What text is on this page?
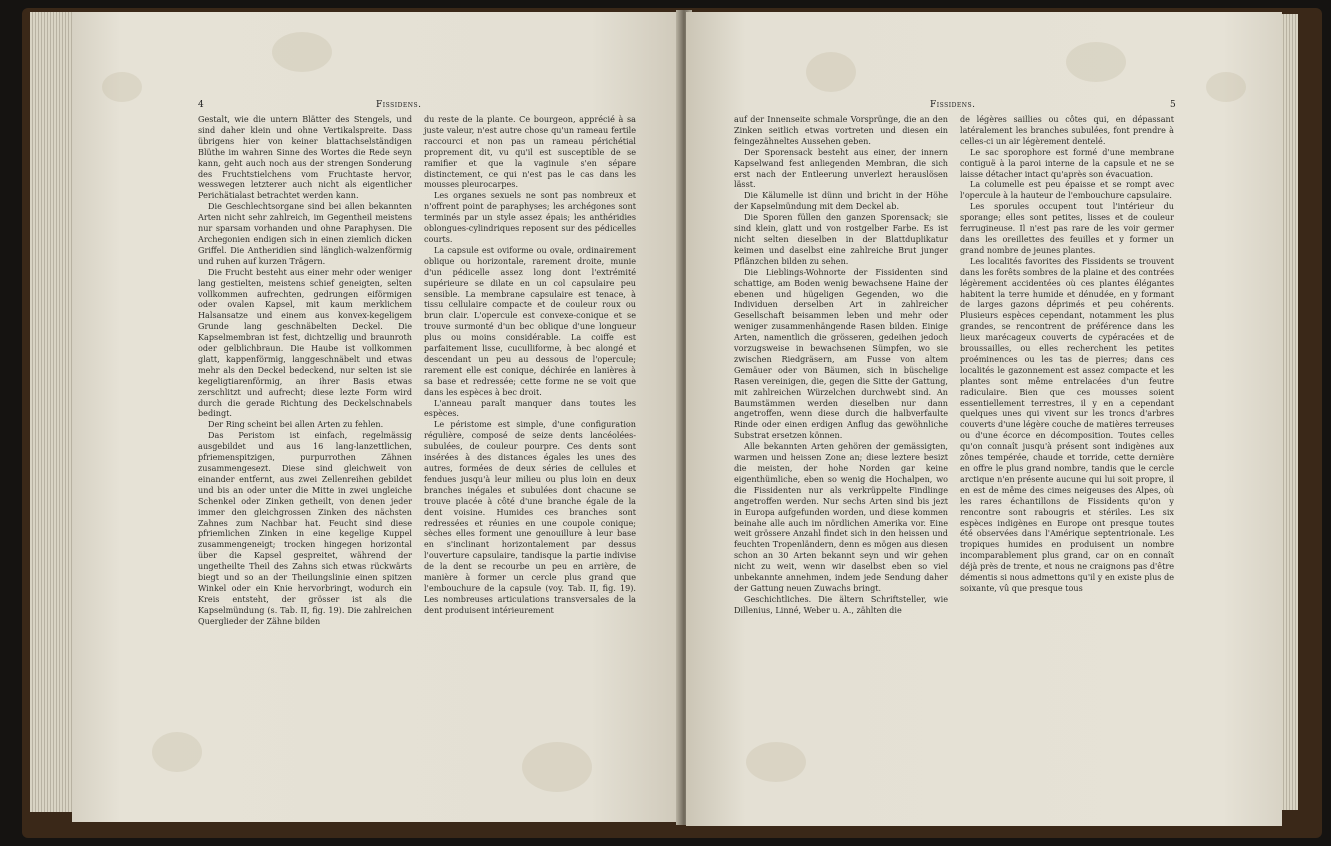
4	Fissidens.

Gestalt, wie die untern Blätter des Stengels, und sind daher klein und ohne Vertikalspreite. Dass übrigens hier von keiner blattachselständigen Blüthe im wahren Sinne des Wortes die Rede seyn kann, geht auch noch aus der strengen Sonderung des Fruchtstielchens vom Fruchtaste hervor, wesswegen letzterer auch nicht als eigentlicher Perichätialast betrachtet werden kann.

Die Geschlechtsorgane sind bei allen bekannten Arten nicht sehr zahlreich, im Gegentheil meistens nur sparsam vorhanden und ohne Paraphysen. Die Archegonien endigen sich in einen ziemlich dicken Griffel. Die Antheridien sind länglich-walzenförmig und ruhen auf kurzen Trägern.

Die Frucht besteht aus einer mehr oder weniger lang gestielten, meistens schief geneigten, selten vollkommen aufrechten, gedrungen eiförmigen oder ovalen Kapsel, mit kaum merklichem Halsansatze und einem aus konvex-kegeligem Grunde lang geschnäbelten Deckel. Die Kapselmembran ist fest, dichtzellig und braunroth oder gelblichbraun. Die Haube ist vollkommen glatt, kappenförmig, langgeschnäbelt und etwas mehr als den Deckel bedeckend, nur selten ist sie kegeligtiarenförmig, an ihrer Basis etwas zerschlitzt und aufrecht; diese lezte Form wird durch die gerade Richtung des Deckelschnabels bedingt.

Der Ring scheint bei allen Arten zu fehlen.

Das Peristom ist einfach, regelmässig ausgebildet und aus 16 lang-lanzettlichen, pfriemenspitzigen, purpurrothen Zähnen zusammengesezt. Diese sind gleichweit von einander entfernt, aus zwei Zellenreihen gebildet und bis an oder unter die Mitte in zwei ungleiche Schenkel oder Zinken getheilt, von denen jeder immer den gleichgrossen Zinken des nächsten Zahnes zum Nachbar hat. Feucht sind diese pfriemlichen Zinken in eine kegelige Kuppel zusammengeneigt; trocken hingegen horizontal über die Kapsel gespreitet, während der ungetheilte Theil des Zahns sich etwas rückwärts biegt und so an der Theilungslinie einen spitzen Winkel oder ein Knie hervorbringt, wodurch ein Kreis entsteht, der grösser ist als die Kapselmündung (s. Tab. II, fig. 19). Die zahlreichen Querglieder der Zähne bilden

du reste de la plante. Ce bourgeon, apprécié à sa juste valeur, n'est autre chose qu'un rameau fertile raccourci et non pas un rameau périchétial proprement dit, vu qu'il est susceptible de se ramifier et que la vaginule s'en sépare distinctement, ce qui n'est pas le cas dans les mousses pleurocarpes.

Les organes sexuels ne sont pas nombreux et n'offrent point de paraphyses; les archégones sont terminés par un style assez épais; les anthéridies oblongues-cylindriques reposent sur des pédicelles courts.

La capsule est oviforme ou ovale, ordinairement oblique ou horizontale, rarement droite, munie d'un pédicelle assez long dont l'extrémité supérieure se dilate en un col capsulaire peu sensible. La membrane capsulaire est tenace, à tissu cellulaire compacte et de couleur roux ou brun clair. L'opercule est convexe-conique et se trouve surmonté d'un bec oblique d'une longueur plus ou moins considérable. La coiffe est parfaitement lisse, cuculliforme, à bec alongé et descendant un peu au dessous de l'opercule; rarement elle est conique, déchirée en lanières à sa base et redressée; cette forme ne se voit que dans les espèces à bec droit.

L'anneau paraît manquer dans toutes les espèces.

Le péristome est simple, d'une configuration régulière, composé de seize dents lancéolées-subulées, de couleur pourpre. Ces dents sont insérées à des distances égales les unes des autres, formées de deux séries de cellules et fendues jusqu'à leur milieu ou plus loin en deux branches inégales et subulées dont chacune se trouve placée à côté d'une branche égale de la dent voisine. Humides ces branches sont redressées et réunies en une coupole conique; sèches elles forment une genouillure à leur base en s'inclinant horizontalement par dessus l'ouverture capsulaire, tandisque la partie indivise de la dent se recourbe un peu en arrière, de manière à former un cercle plus grand que l'embouchure de la capsule (voy. Tab. II, fig. 19). Les nombreuses articulations transversales de la dent produisent intérieurement

Fissidens.	5

auf der Innenseite schmale Vorsprünge, die an den Zinken seitlich etwas vortreten und diesen ein feingezähneltes Aussehen geben.

Der Sporensack besteht aus einer, der innern Kapselwand fest anliegenden Membran, die sich erst nach der Entleerung unverlezt herauslösen lässt.

Die Kälumelle ist dünn und bricht in der Höhe der Kapselmündung mit dem Deckel ab.

Die Sporen füllen den ganzen Sporensack; sie sind klein, glatt und von rostgelber Farbe. Es ist nicht selten dieselben in der Blattduplikatur keimen und daselbst eine zahlreiche Brut junger Pflänzchen bilden zu sehen.

Die Lieblings-Wohnorte der Fissidenten sind schattige, am Boden wenig bewachsene Haine der ebenen und hügeligen Gegenden, wo die Individuen derselben Art in zahlreicher Gesellschaft beisammen leben und mehr oder weniger zusammenhängende Rasen bilden. Einige Arten, namentlich die grösseren, gedeihen jedoch vorzugsweise in bewachsenen Sümpfen, wo sie zwischen Riedgräsern, am Fusse von altem Gemäuer oder von Bäumen, sich in büschelige Rasen vereinigen, die, gegen die Sitte der Gattung, mit zahlreichen Würzelchen durchwebt sind. An Baumstämmen werden dieselben nur dann angetroffen, wenn diese durch die halbverfaulte Rinde oder einen erdigen Anflug das gewöhnliche Substrat ersetzen können.

Alle bekannten Arten gehören der gemässigten, warmen und heissen Zone an; diese leztere besizt die meisten, der hohe Norden gar keine eigenthümliche, eben so wenig die Hochalpen, wo die Fissidenten nur als verkrüppelte Findlinge angetroffen werden. Nur sechs Arten sind bis jezt in Europa aufgefunden worden, und diese kommen beinahe alle auch im nördlichen Amerika vor. Eine weit grössere Anzahl findet sich in den heissen und feuchten Tropenländern, denn es mögen aus diesen schon an 30 Arten bekannt seyn und wir gehen nicht zu weit, wenn wir daselbst eben so viel unbekannte annehmen, indem jede Sendung daher der Gattung neuen Zuwachs bringt.

Geschichtliches. Die ältern Schriftsteller, wie Dillenius, Linné, Weber u. A., zählten die

de légères saillies ou côtes qui, en dépassant latéralement les branches subulées, font prendre à celles-ci un air légèrement dentelé.

Le sac sporophore est formé d'une membrane contiguë à la paroi interne de la capsule et ne se laisse détacher intact qu'après son évacuation.

La columelle est peu épaisse et se rompt avec l'opercule à la hauteur de l'embouchure capsulaire.

Les sporules occupent tout l'intérieur du sporange; elles sont petites, lisses et de couleur ferrugineuse. Il n'est pas rare de les voir germer dans les oreillettes des feuilles et y former un grand nombre de jeunes plantes.

Les localités favorites des Fissidents se trouvent dans les forêts sombres de la plaine et des contrées légèrement accidentées où ces plantes élégantes habitent la terre humide et dénudée, en y formant de larges gazons déprimés et peu cohérents. Plusieurs espèces cependant, notamment les plus grandes, se rencontrent de préférence dans les lieux marécageux couverts de cypéracées et de broussailles, ou elles recherchent les petites proéminences ou les tas de pierres; dans ces localités le gazonnement est assez compacte et les plantes sont même entrelacées d'un feutre radiculaire. Bien que ces mousses soient essentiellement terrestres, il y en a cependant quelques unes qui vivent sur les troncs d'arbres couverts d'une légère couche de matières terreuses ou d'une écorce en décomposition. Toutes celles qu'on connaît jusqu'à présent sont indigènes aux zônes tempérée, chaude et torride, cette dernière en offre le plus grand nombre, tandis que le cercle arctique n'en présente aucune qui lui soit propre, il en est de même des cimes neigeuses des Alpes, où les rares échantillons de Fissidents qu'on y rencontre sont rabougris et stériles. Les six espèces indigènes en Europe ont presque toutes été observées dans l'Amérique septentrionale. Les tropiques humides en produisent un nombre incomparablement plus grand, car on en connaît déjà près de trente, et nous ne craignons pas d'être démentis si nous admettons qu'il y en existe plus de soixante, vû que presque tous
